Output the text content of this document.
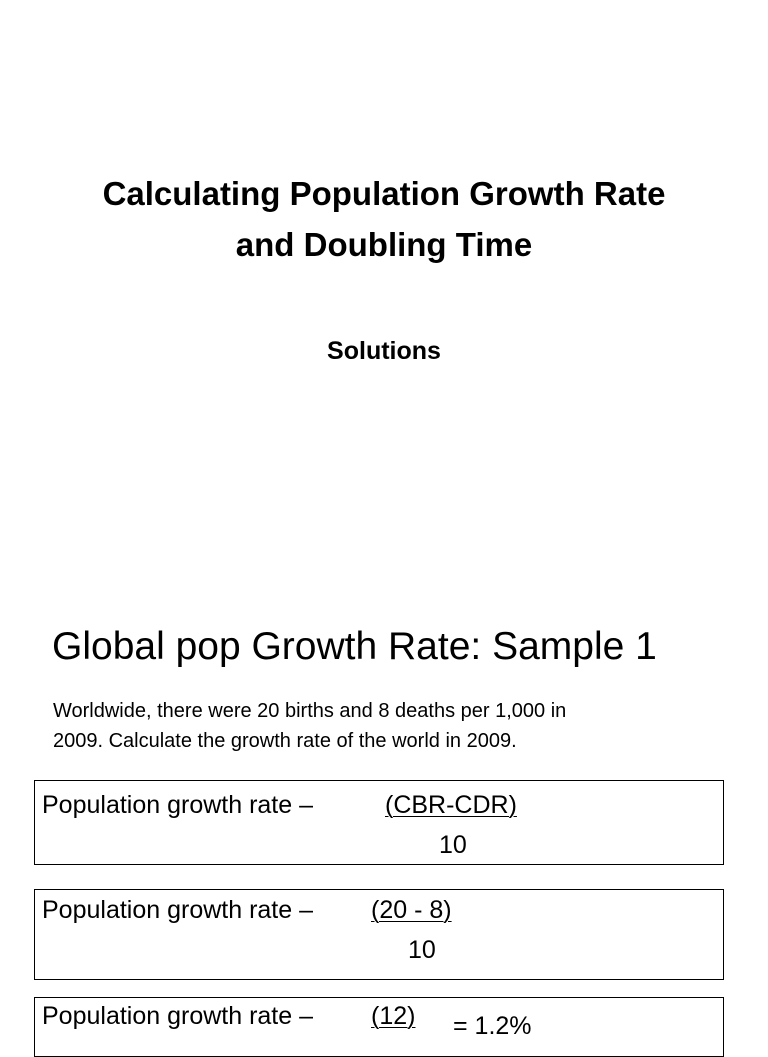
Calculating Population Growth Rate
and Doubling Time
Solutions
Global pop Growth Rate: Sample 1
Worldwide, there were 20 births and 8 deaths per 1,000 in
2009. Calculate the growth rate of the world in 2009.
Population growth rate –	(CBR-CDR)
10
Population growth rate – (20 - 8)
10
Population growth rate – (12) = 1.2%
